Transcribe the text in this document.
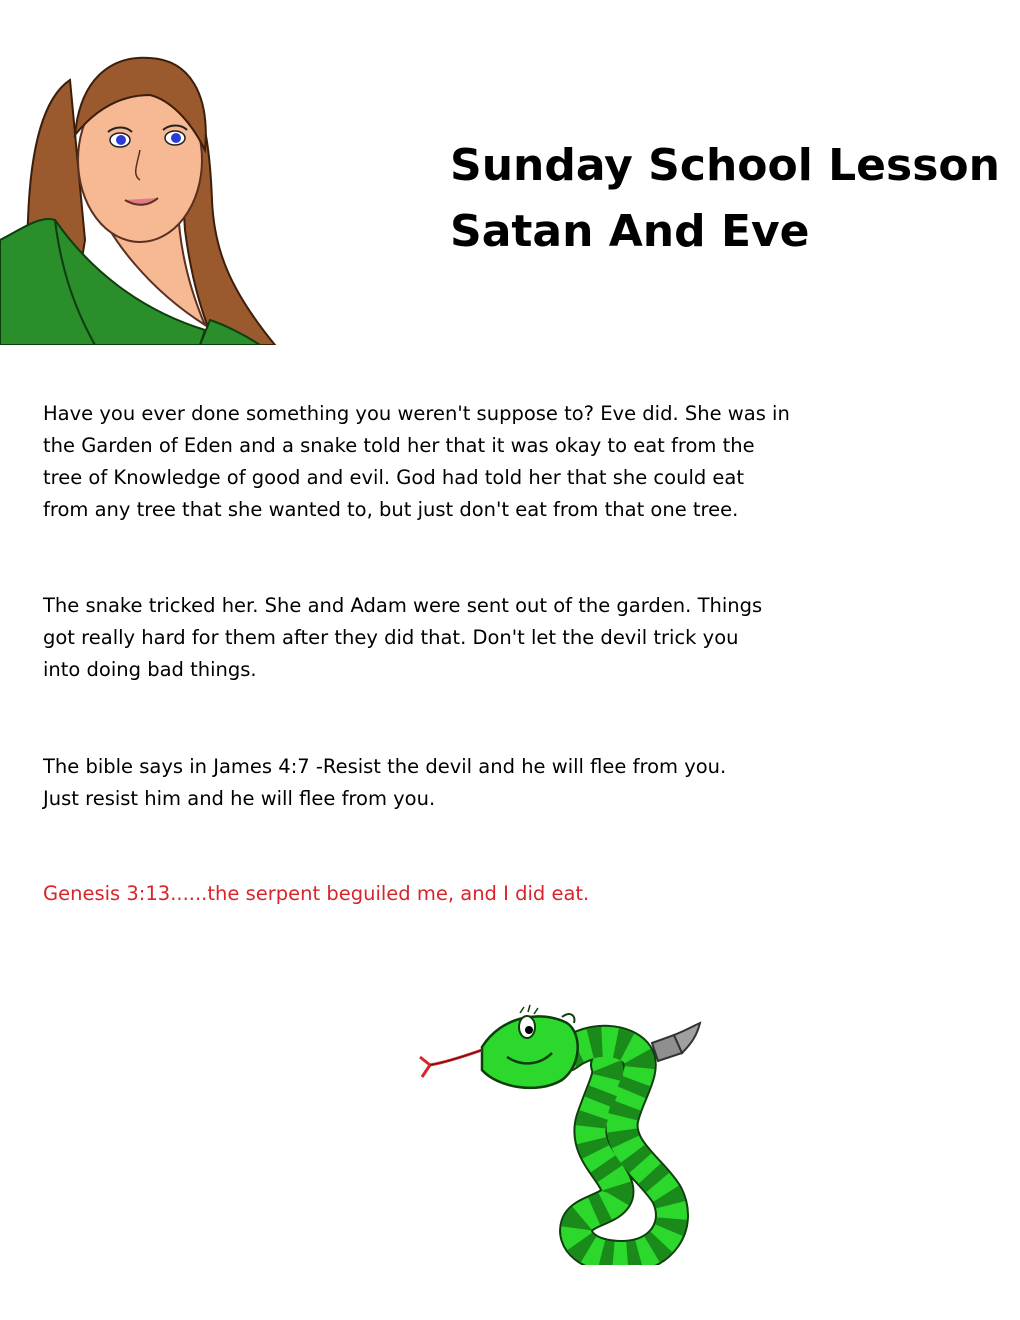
Sunday School Lesson
Satan And Eve

Have you ever done something you weren't suppose to? Eve did. She was in
the Garden of Eden and a snake told her that it was okay to eat from the
tree of Knowledge of good and evil. God had told her that she could eat
from any tree that she wanted to, but just don't eat from that one tree.

The snake tricked her. She and Adam were sent out of the garden. Things
got really hard for them after they did that. Don't let the devil trick you
into doing bad things.

The bible says in James 4:7 -Resist the devil and he will flee from you.
Just resist him and he will flee from you.

Genesis 3:13......the serpent beguiled me, and I did eat.
